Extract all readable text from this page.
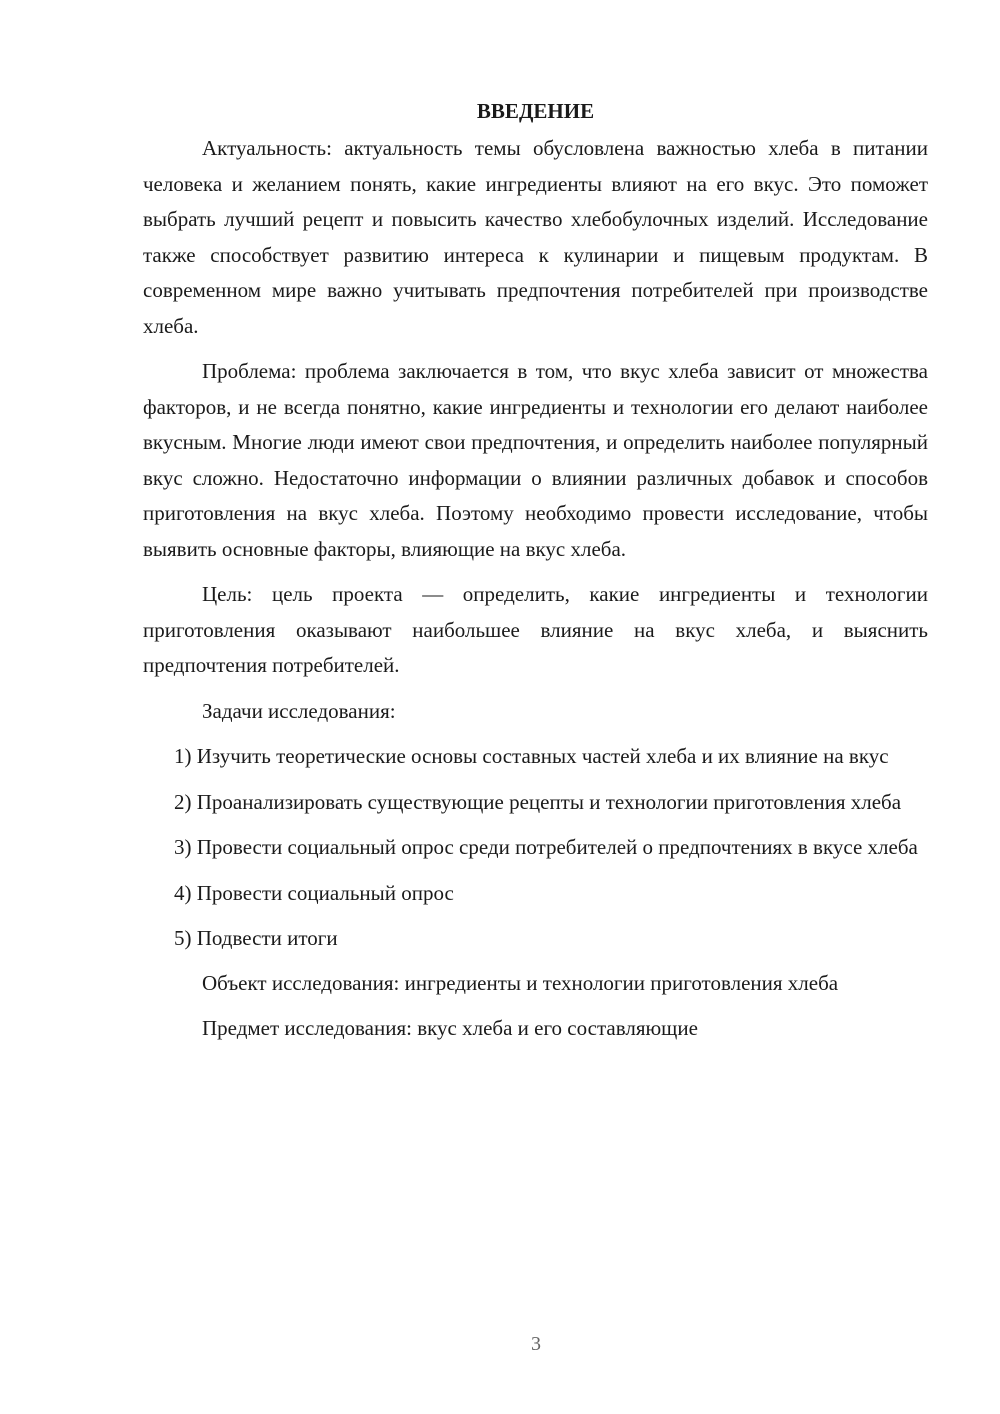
ВВЕДЕНИЕ

Актуальность: актуальность темы обусловлена важностью хлеба в питании человека и желанием понять, какие ингредиенты влияют на его вкус. Это поможет выбрать лучший рецепт и повысить качество хлебобулочных изделий. Исследование также способствует развитию интереса к кулинарии и пищевым продуктам. В современном мире важно учитывать предпочтения потребителей при производстве хлеба.

Проблема: проблема заключается в том, что вкус хлеба зависит от множества факторов, и не всегда понятно, какие ингредиенты и технологии его делают наиболее вкусным. Многие люди имеют свои предпочтения, и определить наиболее популярный вкус сложно. Недостаточно информации о влиянии различных добавок и способов приготовления на вкус хлеба. Поэтому необходимо провести исследование, чтобы выявить основные факторы, влияющие на вкус хлеба.

Цель: цель проекта — определить, какие ингредиенты и технологии приготовления оказывают наибольшее влияние на вкус хлеба, и выяснить предпочтения потребителей.

Задачи исследования:

1) Изучить теоретические основы составных частей хлеба и их влияние на вкус

2) Проанализировать существующие рецепты и технологии приготовления хлеба

3) Провести социальный опрос среди потребителей о предпочтениях в вкусе хлеба

4) Провести социальный опрос

5) Подвести итоги

Объект исследования: ингредиенты и технологии приготовления хлеба

Предмет исследования: вкус хлеба и его составляющие

3
